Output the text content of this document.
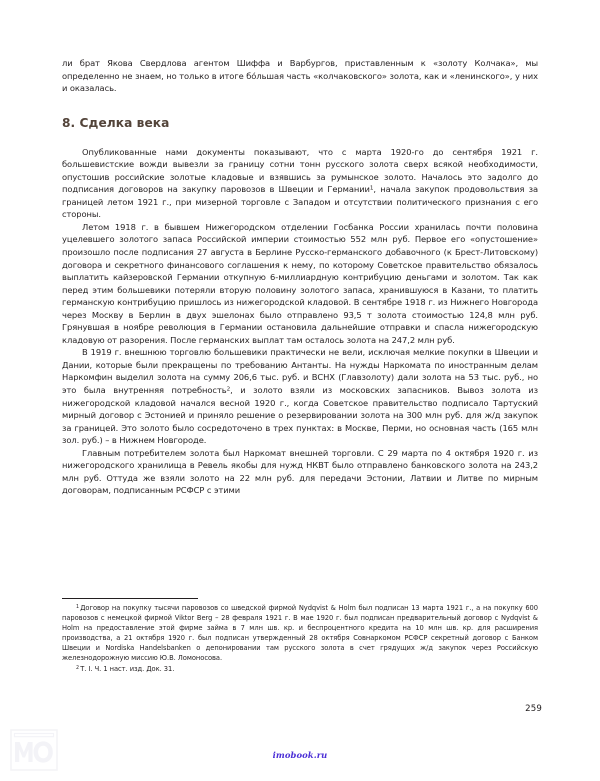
ли брат Якова Свердлова агентом Шиффа и Варбургов, приставленным к «золоту Колчака», мы определенно не знаем, но только в итоге бо́льшая часть «колчаковского» золота, как и «ленинского», у них и оказалась.

8. Сделка века

Опубликованные нами документы показывают, что с марта 1920-го до сентября 1921 г. большевистские вожди вывезли за границу сотни тонн русского золота сверх всякой необходимости, опустошив российские золотые кладовые и взявшись за румынское золото. Началось это задолго до подписания договоров на закупку паровозов в Швеции и Германии$^1$, начала закупок продовольствия за границей летом 1921 г., при мизерной торговле с Западом и отсутствии политического признания с его стороны.

Летом 1918 г. в бывшем Нижегородском отделении Госбанка России хранилась почти половина уцелевшего золотого запаса Российской империи стоимостью 552 млн руб. Первое его «опустошение» произошло после подписания 27 августа в Берлине Русско-германского добавочного (к Брест-Литовскому) договора и секретного финансового соглашения к нему, по которому Советское правительство обязалось выплатить кайзеровской Германии откупную 6-миллиардную контрибуцию деньгами и золотом. Так как перед этим большевики потеряли вторую половину золотого запаса, хранившуюся в Казани, то платить германскую контрибуцию пришлось из нижегородской кладовой. В сентябре 1918 г. из Нижнего Новгорода через Москву в Берлин в двух эшелонах было отправлено 93,5 т золота стоимостью 124,8 млн руб. Грянувшая в ноябре революция в Германии остановила дальнейшие отправки и спасла нижегородскую кладовую от разорения. После германских выплат там осталось золота на 247,2 млн руб.

В 1919 г. внешнюю торговлю большевики практически не вели, исключая мелкие покупки в Швеции и Дании, которые были прекращены по требованию Антанты. На нужды Наркомата по иностранным делам Наркомфин выделил золота на сумму 206,6 тыс. руб. и ВСНХ (Главзолоту) дали золота на 53 тыс. руб., но это была внутренняя потребность$^2$, и золото взяли из московских запасников. Вывоз золота из нижегородской кладовой начался весной 1920 г., когда Советское правительство подписало Тартуский мирный договор с Эстонией и приняло решение о резервировании золота на 300 млн руб. для ж/д закупок за границей. Это золото было сосредоточено в трех пунктах: в Москве, Перми, но основная часть (165 млн зол. руб.) – в Нижнем Новгороде.

Главным потребителем золота был Наркомат внешней торговли. С 29 марта по 4 октября 1920 г. из нижегородского хранилища в Ревель якобы для нужд НКВТ было отправлено банковского золота на 243,2 млн руб. Оттуда же взяли золото на 22 млн руб. для передачи Эстонии, Латвии и Литве по мирным договорам, подписанным РСФСР с этими

$^1$Договор на покупку тысячи паровозов со шведской фирмой Nydqvist & Holm был подписан 13 марта 1921 г., а на покупку 600 паровозов с немецкой фирмой Viktor Berg – 28 февраля 1921 г. В мае 1920 г. был подписан предварительный договор с Nydqvist & Holm на предоставление этой фирме займа в 7 млн шв. кр. и беспроцентного кредита на 10 млн шв. кр. для расширения производства, а 21 октября 1920 г. был подписан утвержденный 28 октября Совнаркомом РСФСР секретный договор с Банком Швеции и Nordiska Handelsbanken о депонировании там русского золота в счет грядущих ж/д закупок через Российскую железнодорожную миссию Ю.В. Ломоносова.

$^2$Т. I. Ч. 1 наст. изд. Док. 31.

259
imobook.ru
